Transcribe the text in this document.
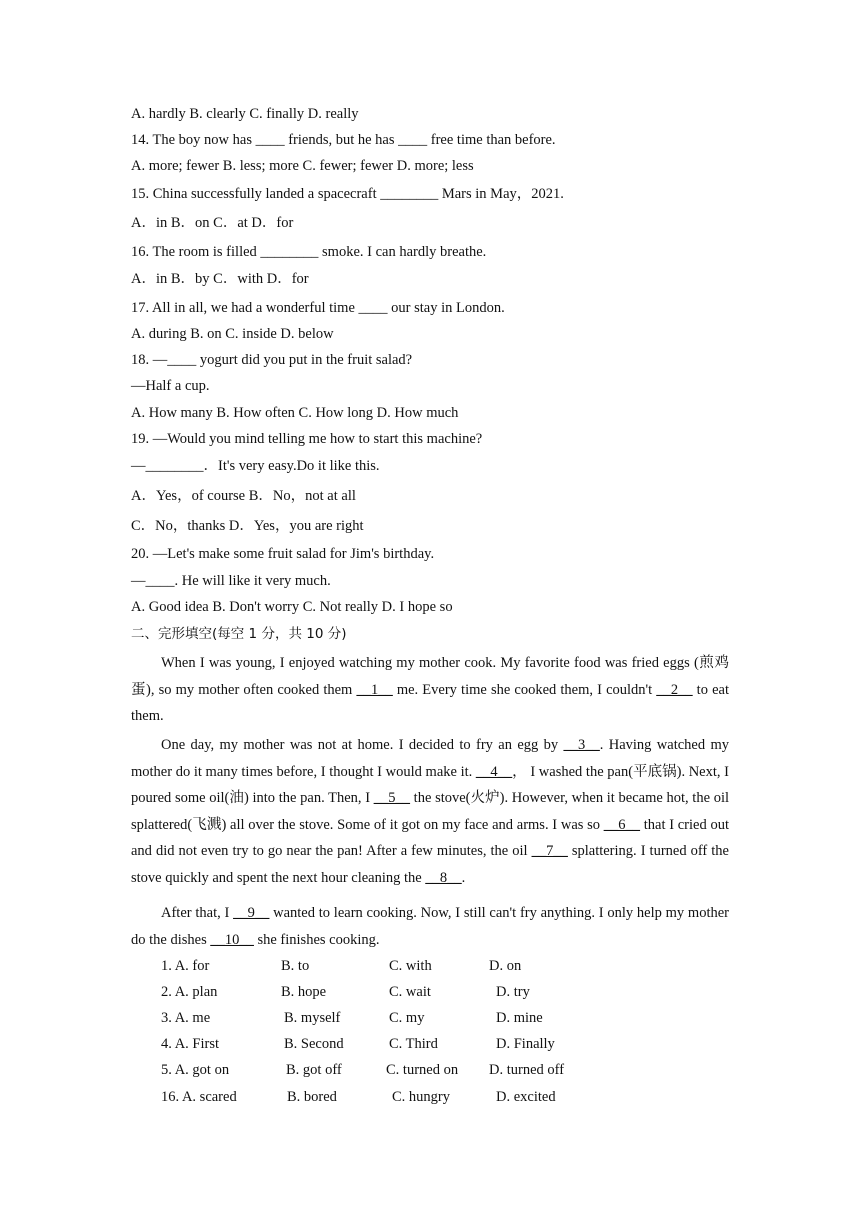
A. hardly B. clearly C. finally D. really
14. The boy now has ____ friends, but he has ____ free time than before.
A. more; fewer B. less; more C. fewer; fewer D. more; less
15. China successfully landed a spacecraft ________ Mars in May，2021.
A．in B．on C．at D．for
16. The room is filled ________ smoke. I can hardly breathe.
A．in B．by C．with D．for
17. All in all, we had a wonderful time ____ our stay in London.
A. during B. on C. inside D. below
18. —____ yogurt did you put in the fruit salad?
—Half a cup.
A. How many B. How often C. How long D. How much
19. —Would you mind telling me how to start this machine?
—________．It's very easy.Do it like this.
A．Yes，of course B．No，not at all
C．No，thanks D．Yes，you are right
20. —Let's make some fruit salad for Jim's birthday.
—____. He will like it very much.
A. Good idea B. Don't worry C. Not really D. I hope so
二、完形填空(每空 1 分，共 10 分)
When I was young, I enjoyed watching my mother cook. My favorite food was fried eggs (煎鸡蛋), so my mother often cooked them __1__ me. Every time she cooked them, I couldn't __2__ to eat them.
One day, my mother was not at home. I decided to fry an egg by __3__. Having watched my mother do it many times before, I thought I would make it. __4__， I washed the pan(平底锅). Next, I poured some oil(油) into the pan. Then, I __5__ the stove(火炉). However, when it became hot, the oil splattered(飞溅) all over the stove. Some of it got on my face and arms. I was so __6__ that I cried out and did not even try to go near the pan! After a few minutes, the oil __7__ splattering. I turned off the stove quickly and spent the next hour cleaning the __8__.
After that, I __9__ wanted to learn cooking. Now, I still can't fry anything. I only help my mother do the dishes __10__ she finishes cooking.
1. A. for	B. to	C. with	D. on
2. A. plan	B. hope	C. wait	D. try
3. A. me	B. myself	C. my	D. mine
4. A. First	B. Second	C. Third	D. Finally
5. A. got on	B. got off	C. turned on D. turned off
16. A. scared	B. bored	C. hungry	D. excited
